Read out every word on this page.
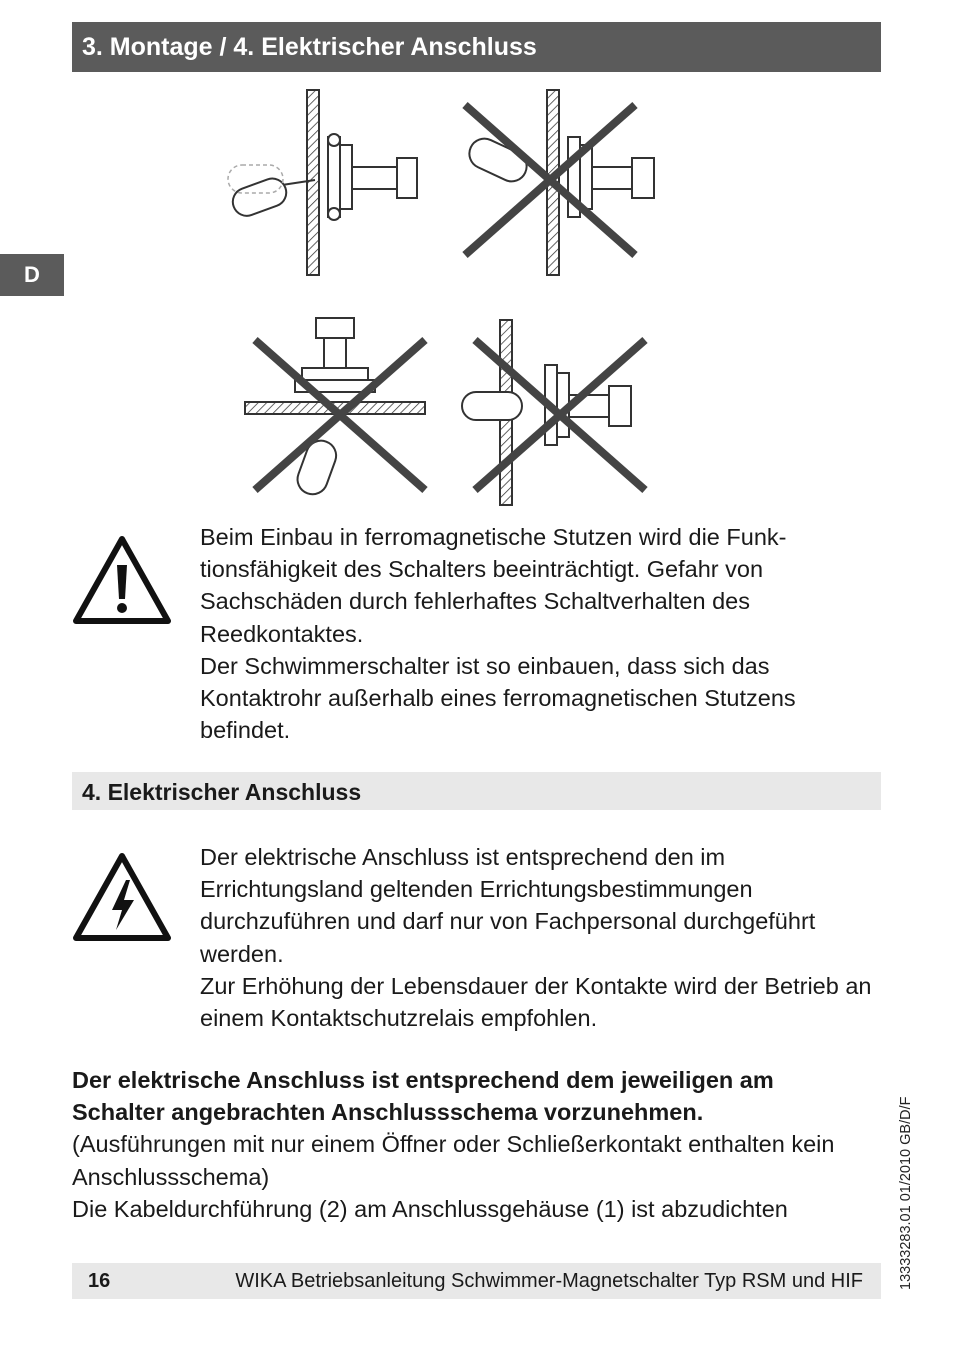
3. Montage / 4. Elektrischer Anschluss
D

Beim Einbau in ferromagnetische Stutzen wird die Funk-
tionsfähigkeit des Schalters beeinträchtigt. Gefahr von
Sachschäden durch fehlerhaftes Schaltverhalten des
Reedkontaktes.

Der Schwimmerschalter ist so einbauen, dass sich das Kontaktrohr außerhalb eines ferromagnetischen Stutzens befindet.

4. Elektrischer Anschluss

Der elektrische Anschluss ist entsprechend den im Errichtungsland geltenden Errichtungsbestimmungen durchzuführen und darf nur von Fachpersonal durchgeführt werden.

Zur Erhöhung der Lebensdauer der Kontakte wird der Betrieb an einem Kontaktschutzrelais empfohlen.

Der elektrische Anschluss ist entsprechend dem jeweiligen am Schalter angebrachten Anschlussschema vorzunehmen.

(Ausführungen mit nur einem Öffner oder Schließerkontakt enthalten kein Anschlussschema)

Die Kabeldurchführung (2) am Anschlussgehäuse (1) ist abzudichten	13333283.01 01/2010 GB/D/F
16	WIKA Betriebsanleitung Schwimmer-Magnetschalter Typ RSM und HIF
